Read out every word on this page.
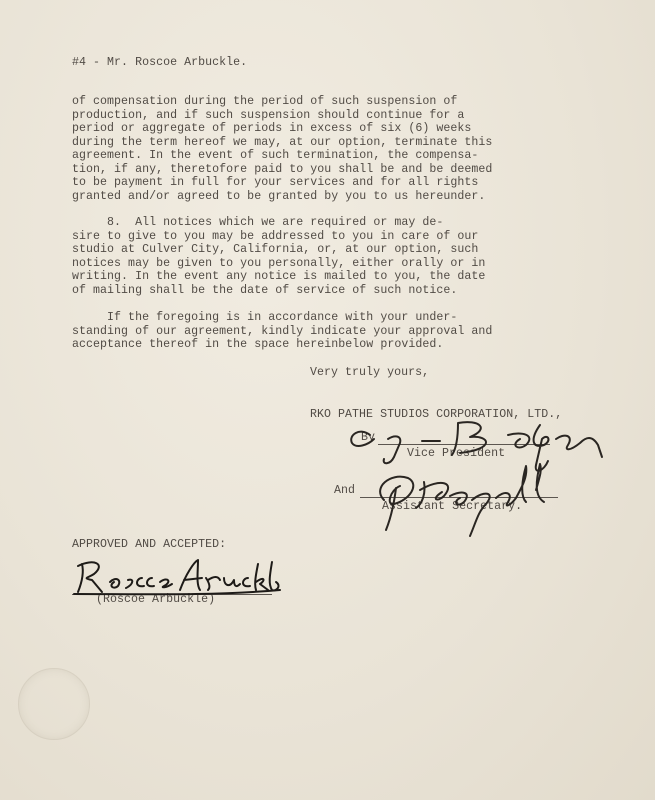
#4 - Mr. Roscoe Arbuckle.
of compensation during the period of such suspension of
production, and if such suspension should continue for a
period or aggregate of periods in excess of six (6) weeks
during the term hereof we may, at our option, terminate this
agreement. In the event of such termination, the compensa-
tion, if any, theretofore paid to you shall be and be deemed
to be payment in full for your services and for all rights
granted and/or agreed to be granted by you to us hereunder.
8.  All notices which we are required or may de-
sire to give to you may be addressed to you in care of our
studio at Culver City, California, or, at our option, such
notices may be given to you personally, either orally or in
writing. In the event any notice is mailed to you, the date
of mailing shall be the date of service of such notice.
If the foregoing is in accordance with your under-
standing of our agreement, kindly indicate your approval and
acceptance thereof in the space hereinbelow provided.
Very truly yours,
RKO PATHE STUDIOS CORPORATION, LTD.,
By
Vice President
And
Assistant Secretary.
APPROVED AND ACCEPTED:
(Roscoe Arbuckle)
